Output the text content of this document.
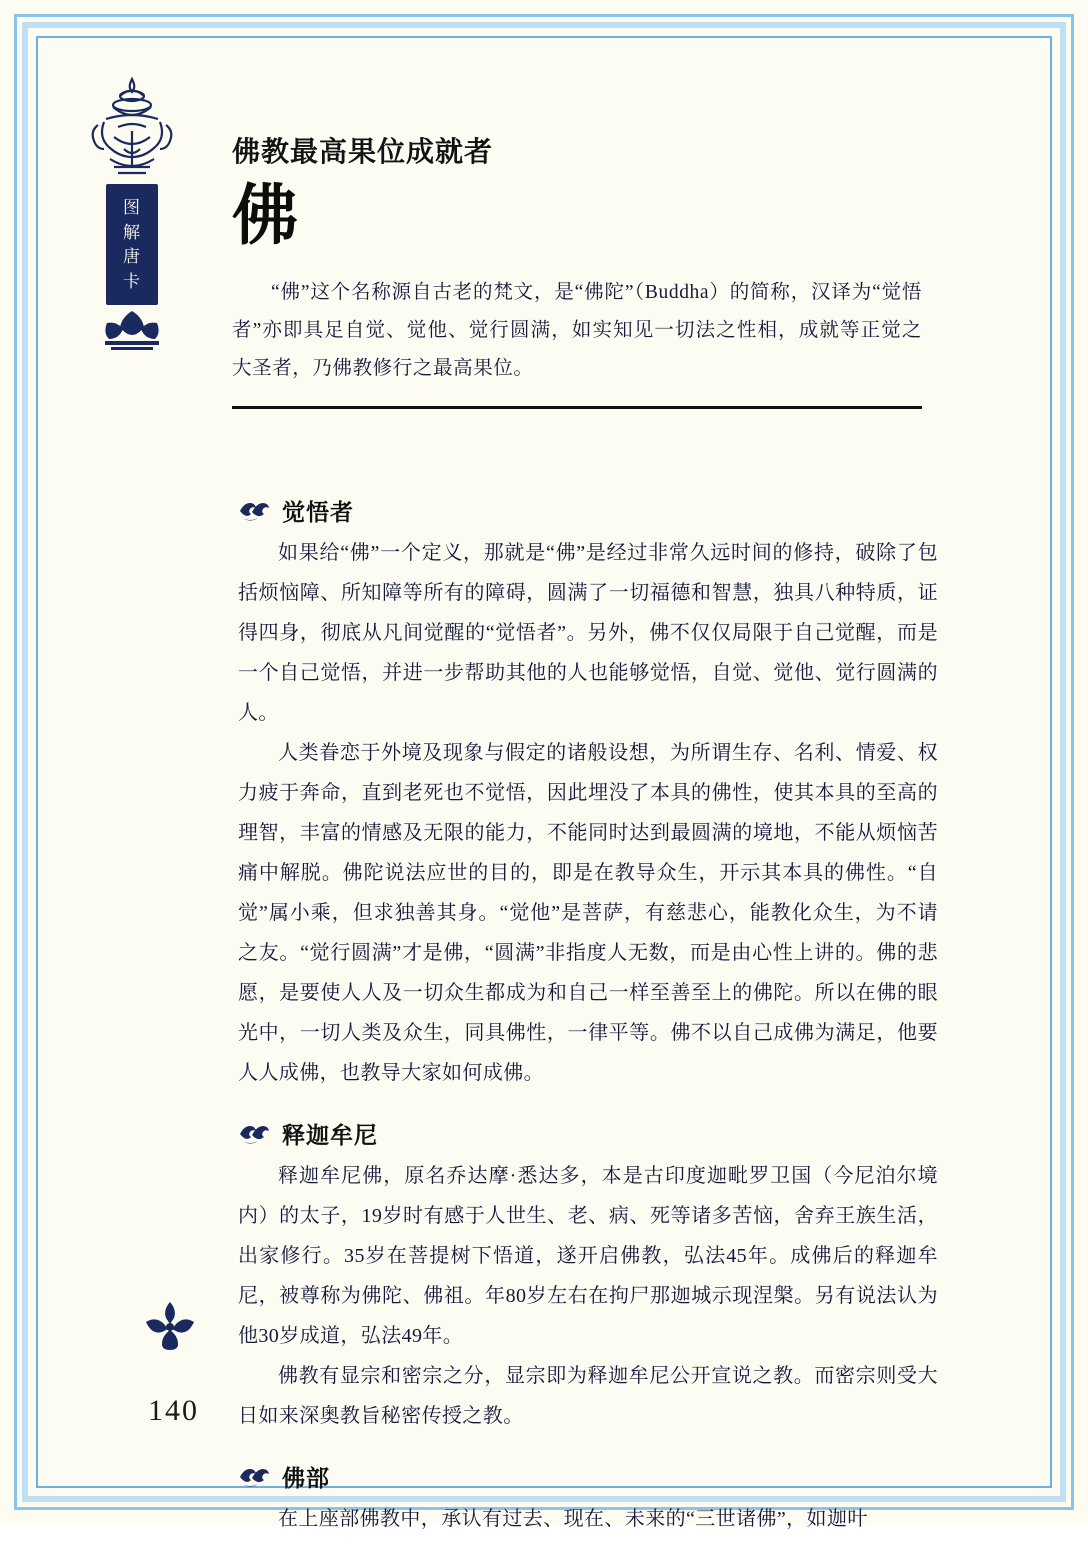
图
解
唐
卡
佛教最高果位成就者
佛
“佛”这个名称源自古老的梵文，是“佛陀”（Buddha）的简称，汉译为“觉悟者”亦即具足自觉、觉他、觉行圆满，如实知见一切法之性相，成就等正觉之大圣者，乃佛教修行之最高果位。
觉悟者
如果给“佛”一个定义，那就是“佛”是经过非常久远时间的修持，破除了包括烦恼障、所知障等所有的障碍，圆满了一切福德和智慧，独具八种特质，证得四身，彻底从凡间觉醒的“觉悟者”。另外，佛不仅仅局限于自己觉醒，而是一个自己觉悟，并进一步帮助其他的人也能够觉悟，自觉、觉他、觉行圆满的人。
人类眷恋于外境及现象与假定的诸般设想，为所谓生存、名利、情爱、权力疲于奔命，直到老死也不觉悟，因此埋没了本具的佛性，使其本具的至高的理智，丰富的情感及无限的能力，不能同时达到最圆满的境地，不能从烦恼苦痛中解脱。佛陀说法应世的目的，即是在教导众生，开示其本具的佛性。“自觉”属小乘，但求独善其身。“觉他”是菩萨，有慈悲心，能教化众生，为不请之友。“觉行圆满”才是佛，“圆满”非指度人无数，而是由心性上讲的。佛的悲愿，是要使人人及一切众生都成为和自己一样至善至上的佛陀。所以在佛的眼光中，一切人类及众生，同具佛性，一律平等。佛不以自己成佛为满足，他要人人成佛，也教导大家如何成佛。
释迦牟尼
释迦牟尼佛，原名乔达摩·悉达多，本是古印度迦毗罗卫国（今尼泊尔境内）的太子，19岁时有感于人世生、老、病、死等诸多苦恼，舍弃王族生活，出家修行。35岁在菩提树下悟道，遂开启佛教，弘法45年。成佛后的释迦牟尼，被尊称为佛陀、佛祖。年80岁左右在拘尸那迦城示现涅槃。另有说法认为他30岁成道，弘法49年。
佛教有显宗和密宗之分，显宗即为释迦牟尼公开宣说之教。而密宗则受大日如来深奥教旨秘密传授之教。
佛部
在上座部佛教中，承认有过去、现在、未来的“三世诸佛”，如迦叶
140
